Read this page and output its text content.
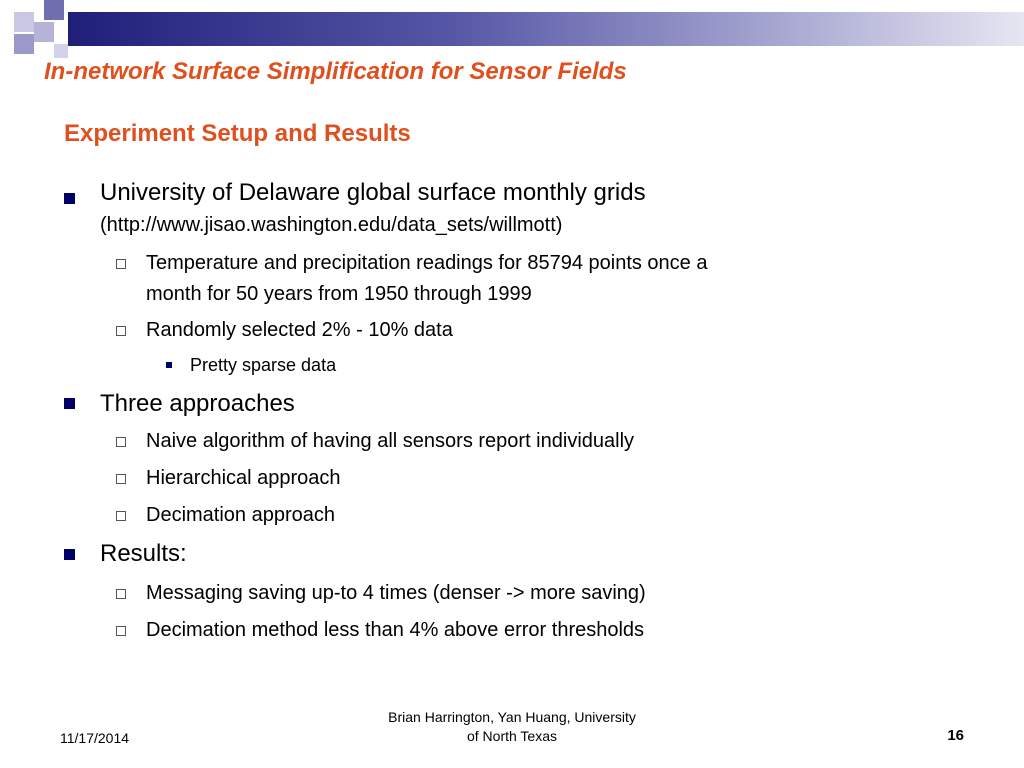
In-network Surface Simplification for Sensor Fields
Experiment Setup and Results
University of Delaware global surface monthly grids
(http://www.jisao.washington.edu/data_sets/willmott)
Temperature and precipitation readings for 85794 points once a
month for 50 years from 1950 through 1999
Randomly selected 2% - 10% data
Pretty sparse data
Three approaches
Naive algorithm of having all sensors report individually
Hierarchical approach
Decimation approach
Results:
Messaging saving up-to 4 times (denser -> more saving)
Decimation method less than 4% above error thresholds
11/17/2014
Brian Harrington, Yan Huang, University
of North Texas	16
